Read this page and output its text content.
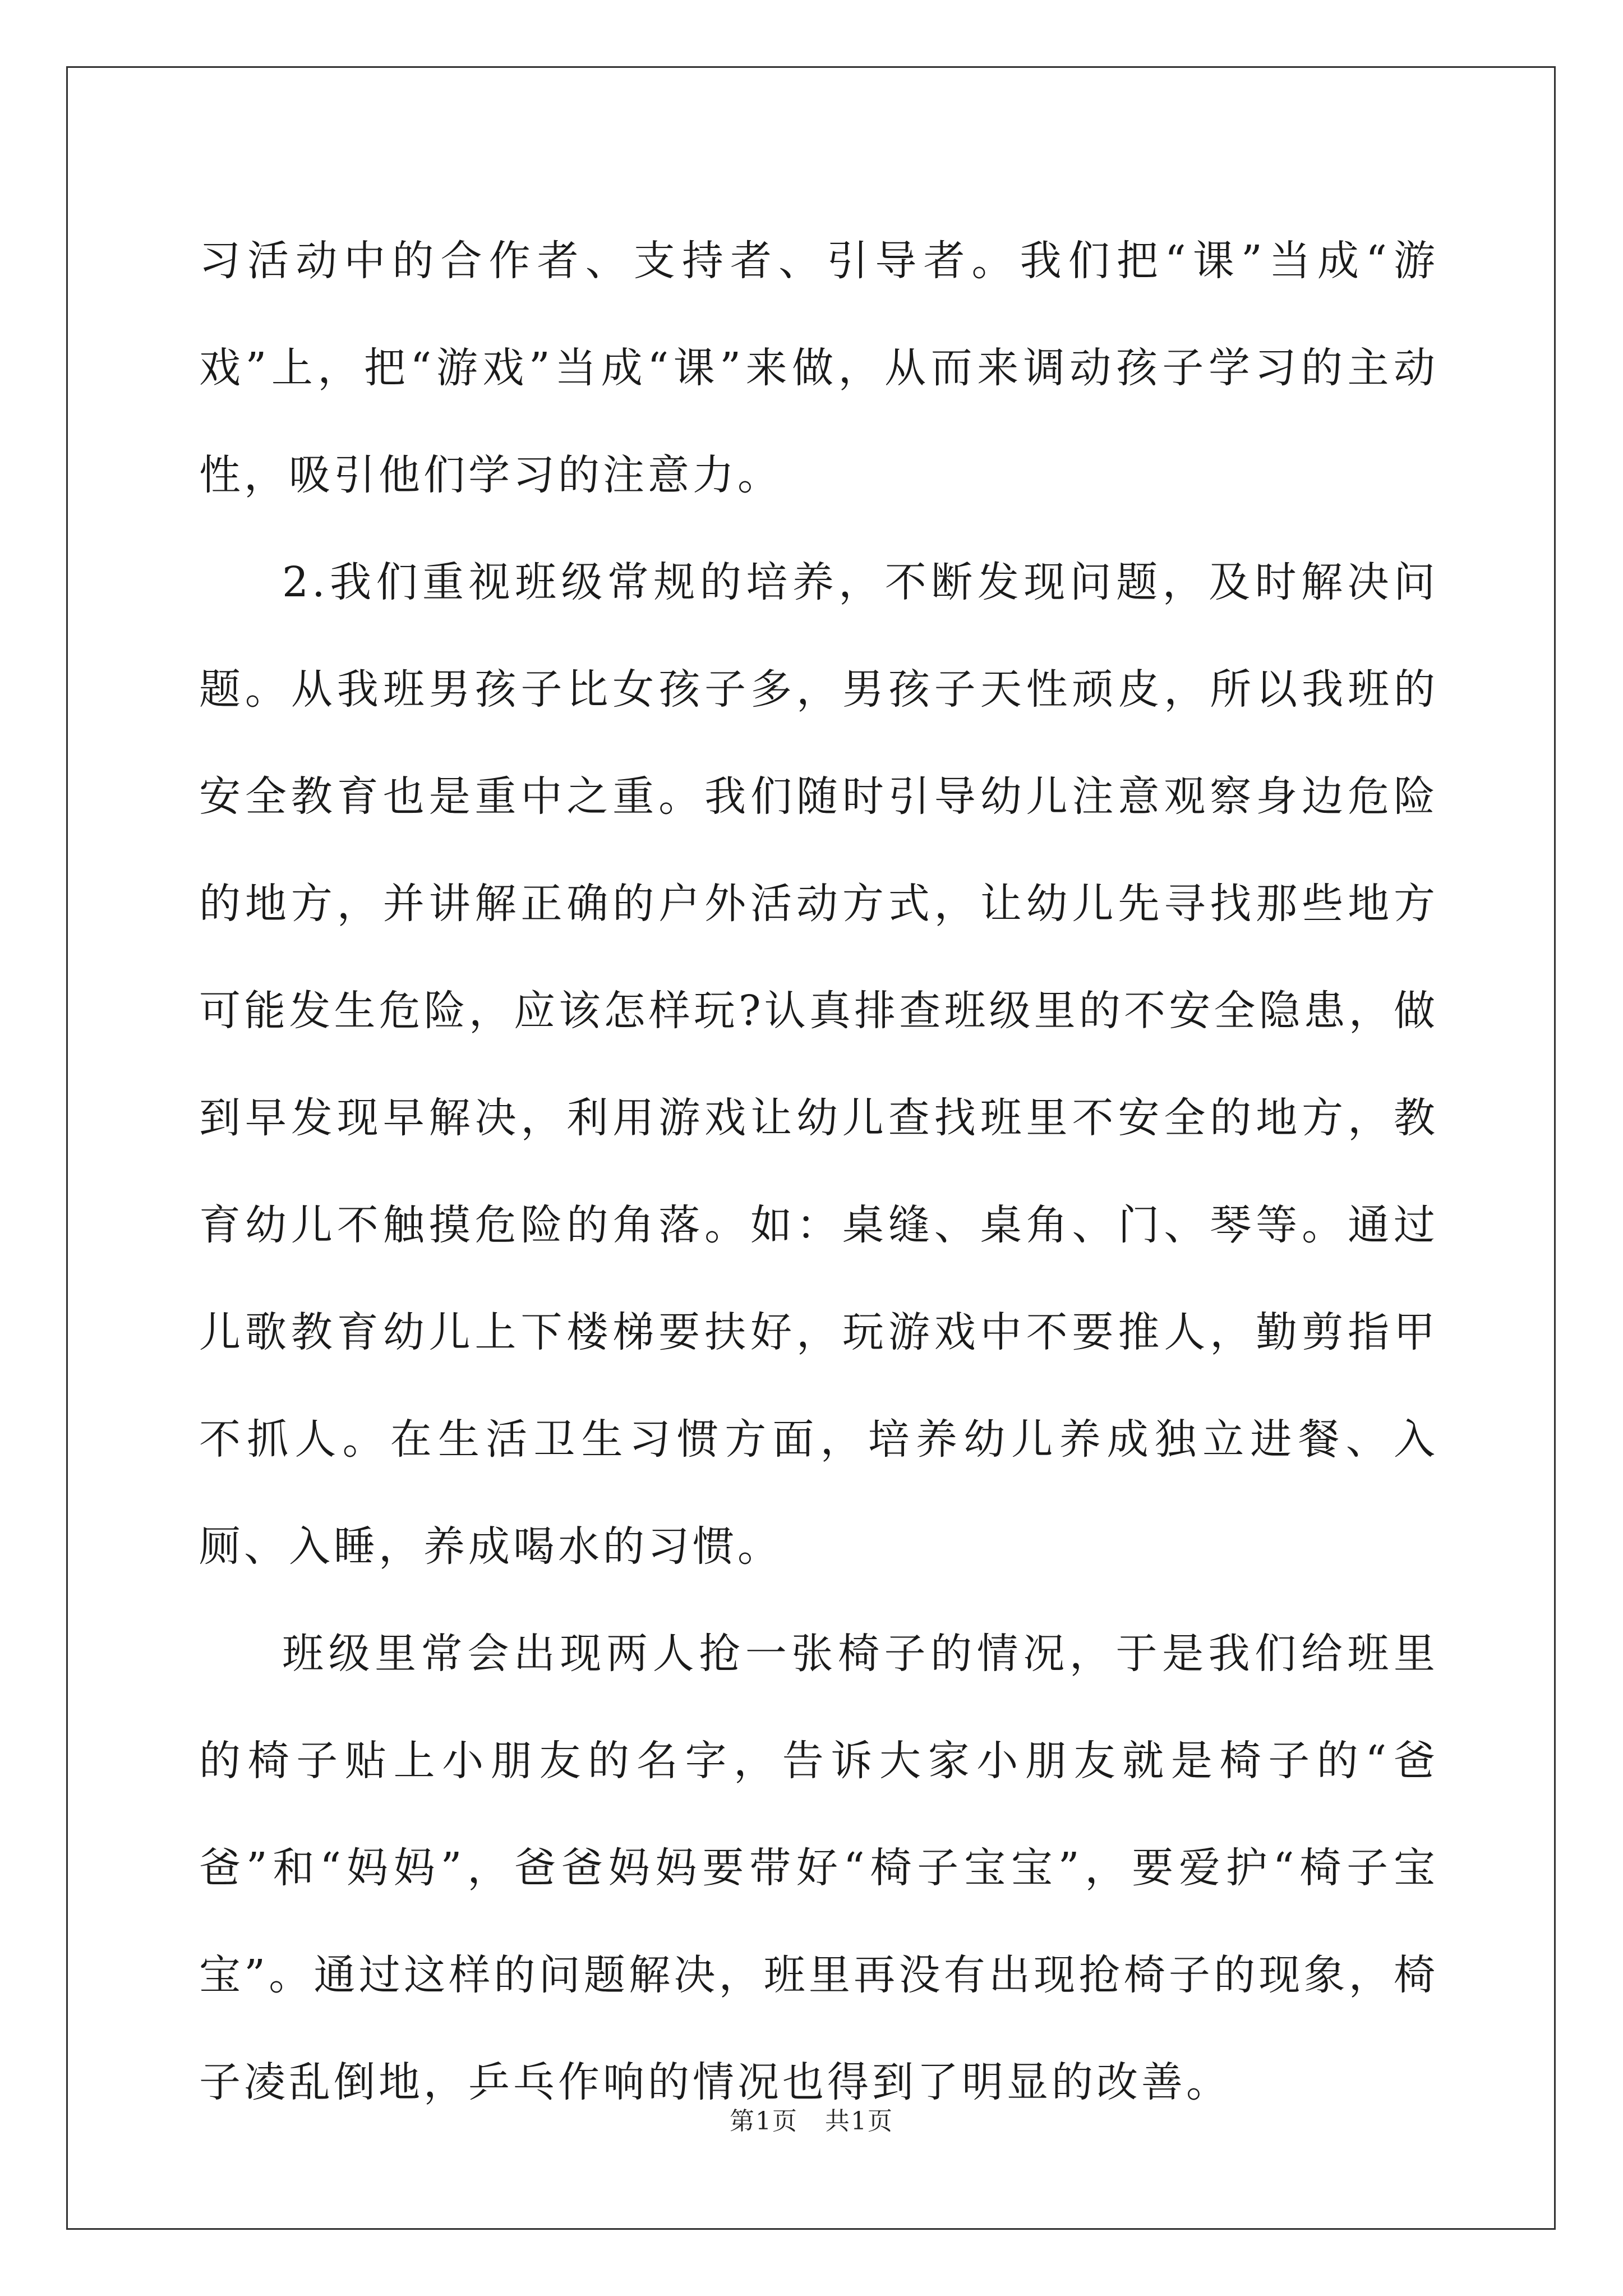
习活动中的合作者、支持者、引导者。我们把“课”当成“游戏”上，把“游戏”当成“课”来做，从而来调动孩子学习的主动性，吸引他们学习的注意力。

2.我们重视班级常规的培养，不断发现问题，及时解决问题。从我班男孩子比女孩子多，男孩子天性顽皮，所以我班的安全教育也是重中之重。我们随时引导幼儿注意观察身边危险的地方，并讲解正确的户外活动方式，让幼儿先寻找那些地方可能发生危险，应该怎样玩?认真排查班级里的不安全隐患，做到早发现早解决，利用游戏让幼儿查找班里不安全的地方，教育幼儿不触摸危险的角落。如：桌缝、桌角、门、琴等。通过儿歌教育幼儿上下楼梯要扶好，玩游戏中不要推人，勤剪指甲不抓人。在生活卫生习惯方面，培养幼儿养成独立进餐、入厕、入睡，养成喝水的习惯。

班级里常会出现两人抢一张椅子的情况，于是我们给班里的椅子贴上小朋友的名字，告诉大家小朋友就是椅子的“爸爸”和“妈妈”，爸爸妈妈要带好“椅子宝宝”，要爱护“椅子宝宝”。通过这样的问题解决，班里再没有出现抢椅子的现象，椅子凌乱倒地，乒乓作响的情况也得到了明显的改善。

第1页 共1页
